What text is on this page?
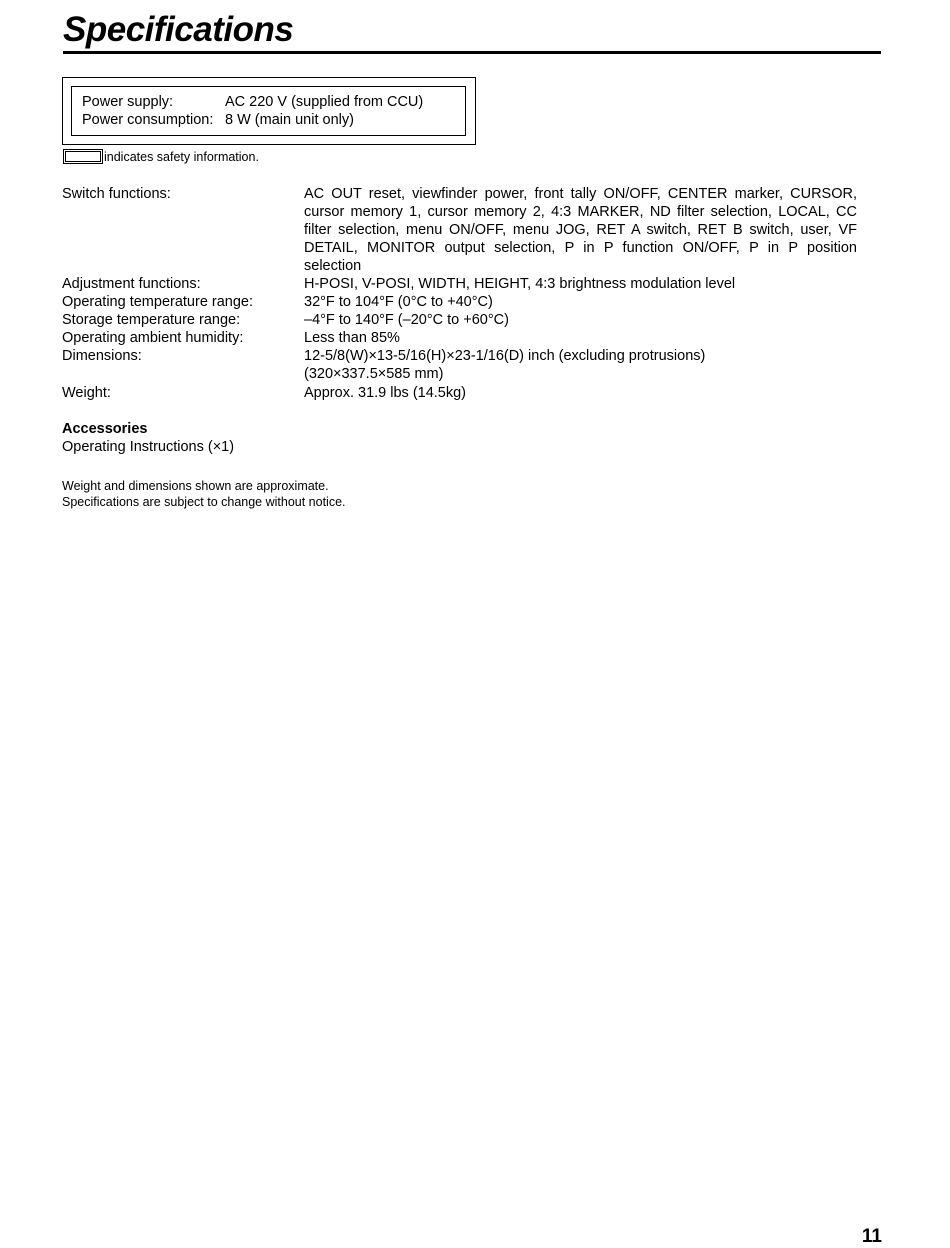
Specifications
Power supply:	AC 220 V (supplied from CCU)
Power consumption: 8 W (main unit only)
indicates safety information.
Switch functions:	AC OUT reset, viewfinder power, front tally ON/OFF, CENTER marker, CURSOR,
cursor memory 1, cursor memory 2, 4:3 MARKER, ND filter selection, LOCAL, CC
filter selection, menu ON/OFF, menu JOG, RET A switch, RET B switch, user, VF
DETAIL, MONITOR output selection, P in P function ON/OFF, P in P position
selection
Adjustment functions:	H-POSI, V-POSI, WIDTH, HEIGHT, 4:3 brightness modulation level
Operating temperature range:	32°F to 104°F (0°C to +40°C)
Storage temperature range:	–4°F to 140°F (–20°C to +60°C)
Operating ambient humidity:	Less than 85%
Dimensions:	12-5/8(W)×13-5/16(H)×23-1/16(D) inch (excluding protrusions)
(320×337.5×585 mm)
Weight:	Approx. 31.9 lbs (14.5kg)
Accessories
Operating Instructions (×1)
Weight and dimensions shown are approximate.
Specifications are subject to change without notice.
11
